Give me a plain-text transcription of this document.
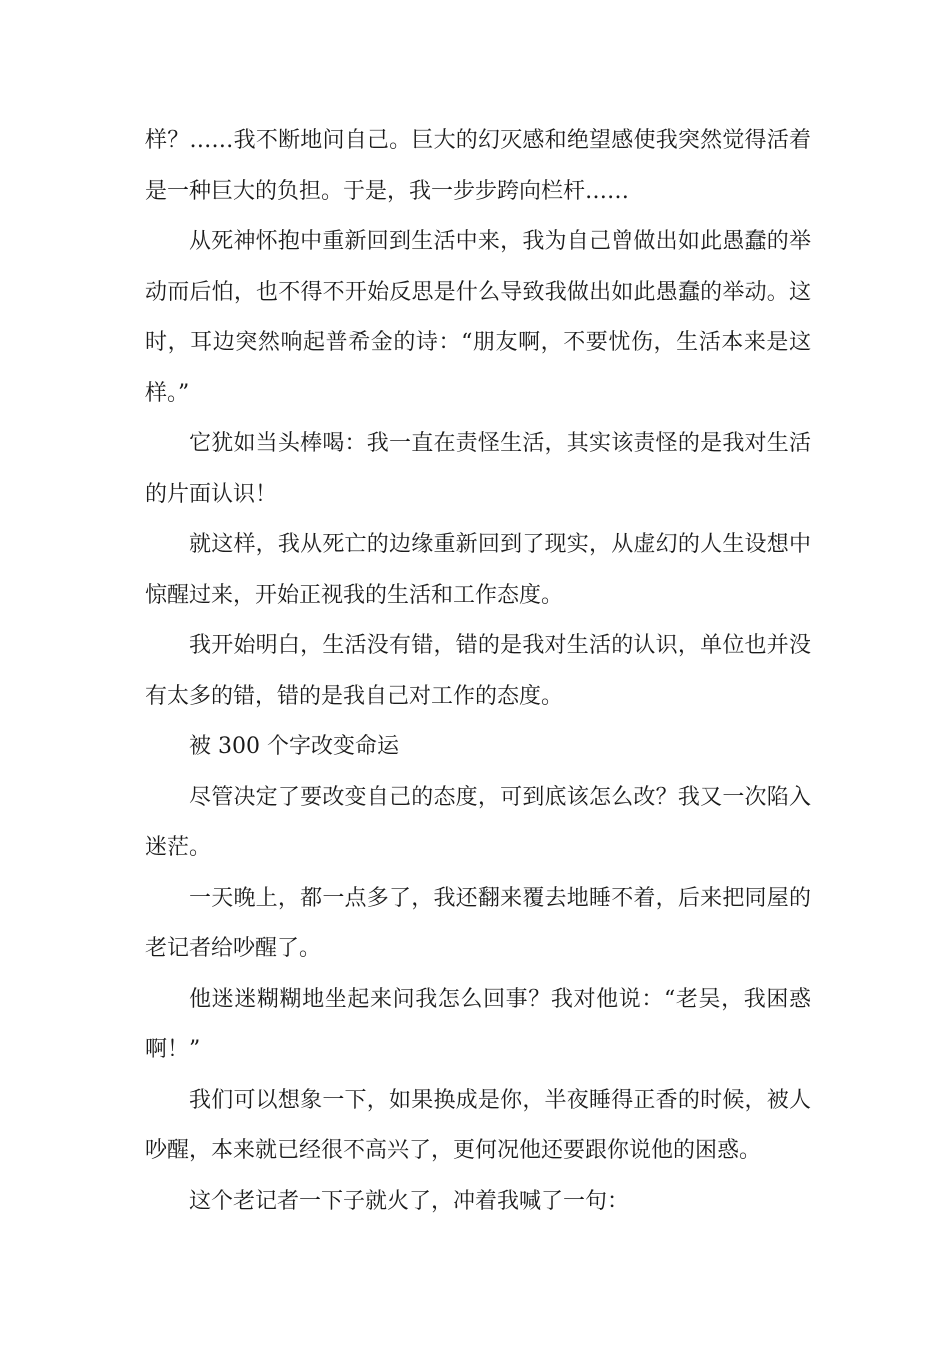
样？……我不断地问自己。巨大的幻灭感和绝望感使我突然觉得活着是一种巨大的负担。于是，我一步步跨向栏杆……

从死神怀抱中重新回到生活中来，我为自己曾做出如此愚蠢的举动而后怕，也不得不开始反思是什么导致我做出如此愚蠢的举动。这时，耳边突然响起普希金的诗：“朋友啊，不要忧伤，生活本来是这样。”

它犹如当头棒喝：我一直在责怪生活，其实该责怪的是我对生活的片面认识！

就这样，我从死亡的边缘重新回到了现实，从虚幻的人生设想中惊醒过来，开始正视我的生活和工作态度。

我开始明白，生活没有错，错的是我对生活的认识，单位也并没有太多的错，错的是我自己对工作的态度。

被 300 个字改变命运

尽管决定了要改变自己的态度，可到底该怎么改？我又一次陷入迷茫。

一天晚上，都一点多了，我还翻来覆去地睡不着，后来把同屋的老记者给吵醒了。

他迷迷糊糊地坐起来问我怎么回事？我对他说：“老吴，我困惑啊！”

我们可以想象一下，如果换成是你，半夜睡得正香的时候，被人吵醒，本来就已经很不高兴了，更何况他还要跟你说他的困惑。

这个老记者一下子就火了，冲着我喊了一句：
